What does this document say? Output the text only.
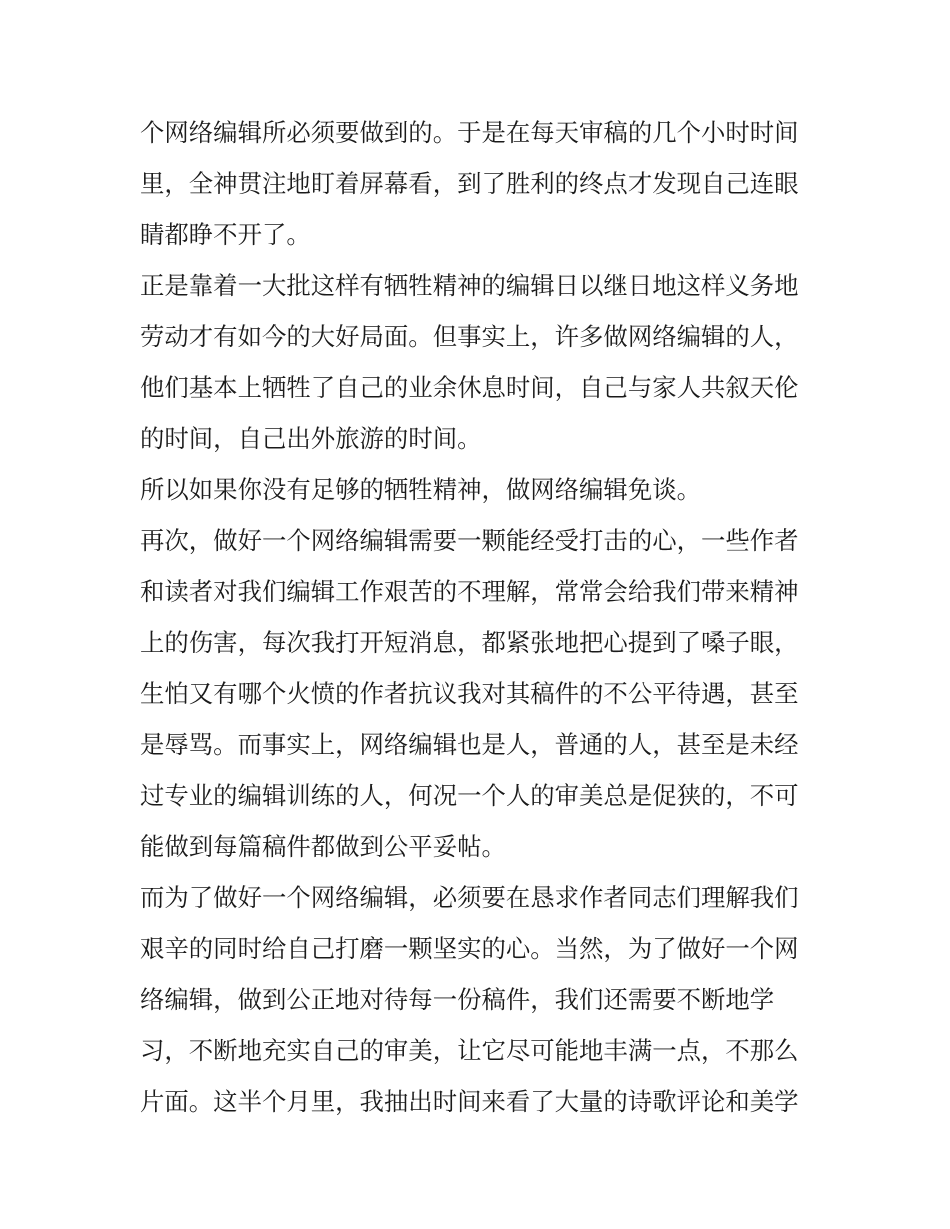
个网络编辑所必须要做到的。于是在每天审稿的几个小时时间
里，全神贯注地盯着屏幕看，到了胜利的终点才发现自己连眼
睛都睁不开了。
正是靠着一大批这样有牺牲精神的编辑日以继日地这样义务地
劳动才有如今的大好局面。但事实上，许多做网络编辑的人，
他们基本上牺牲了自己的业余休息时间，自己与家人共叙天伦
的时间，自己出外旅游的时间。
所以如果你没有足够的牺牲精神，做网络编辑免谈。
再次，做好一个网络编辑需要一颗能经受打击的心，一些作者
和读者对我们编辑工作艰苦的不理解，常常会给我们带来精神
上的伤害，每次我打开短消息，都紧张地把心提到了嗓子眼，
生怕又有哪个火愤的作者抗议我对其稿件的不公平待遇，甚至
是辱骂。而事实上，网络编辑也是人，普通的人，甚至是未经
过专业的编辑训练的人，何况一个人的审美总是促狭的，不可
能做到每篇稿件都做到公平妥帖。
而为了做好一个网络编辑，必须要在恳求作者同志们理解我们
艰辛的同时给自己打磨一颗坚实的心。当然，为了做好一个网
络编辑，做到公正地对待每一份稿件，我们还需要不断地学
习，不断地充实自己的审美，让它尽可能地丰满一点，不那么
片面。这半个月里，我抽出时间来看了大量的诗歌评论和美学
